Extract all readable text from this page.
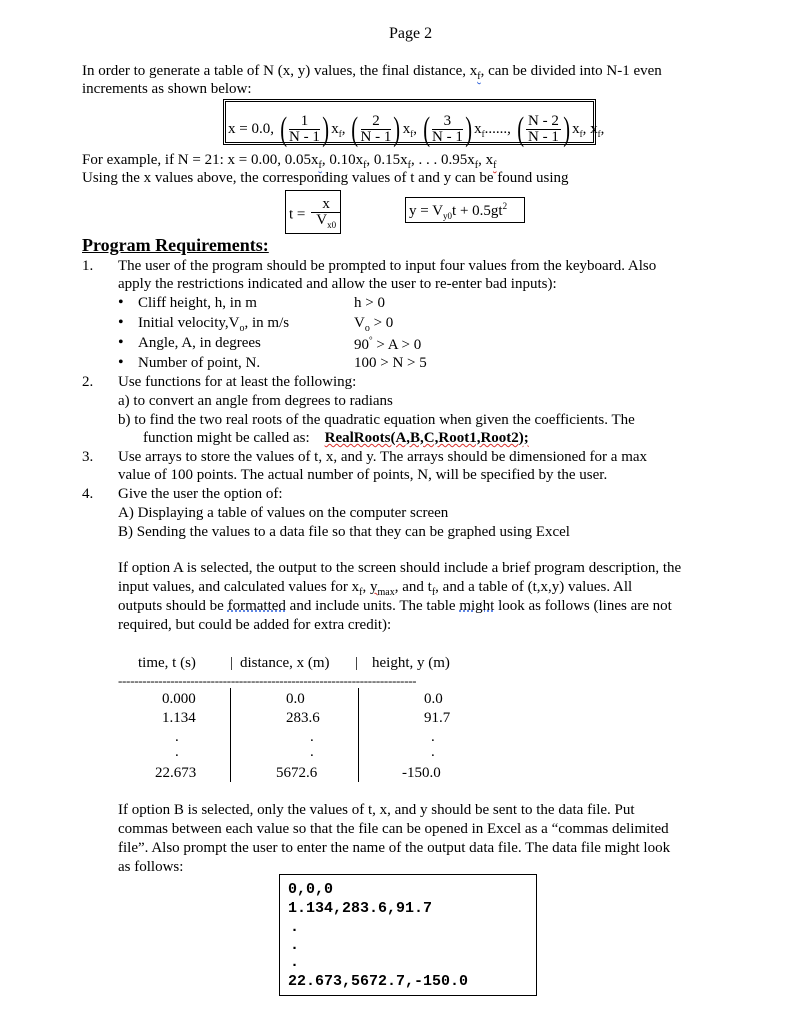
Page 2
In order to generate a table of N (x, y) values, the final distance, $x_f$, can be divided into N-1 even
increments as shown below:
x = 0.0, ( $\frac{1}{N - 1}$ ) $x_f$, ( $\frac{2}{N - 1}$ ) $x_f$, ( $\frac{3}{N - 1}$ ) $x_f$......, ( $\frac{N - 2}{N - 1}$ ) $x_f$, $x_f$,
For example, if N = 21: x = 0.00, $0.05x_f$, $0.10x_f$, $0.15x_f$, . . . $0.95x_f$, $x_f$
Using the x values above, the corresponding values of t and y can be found using
$t = \frac{x}{V_{x0}}$	$y = V_{y0}t + 0.5gt^2$
Program Requirements:
1. The user of the program should be prompted to input four values from the keyboard. Also
apply the restrictions indicated and allow the user to re-enter bad inputs):
• Cliff height, h, in m	h > 0
• Initial $velocity,V_o$, in m/s	$V_o > 0$
• Angle, A, in degrees	90° > A > 0
• Number of point, N.	100 > N > 5
2. Use functions for at least the following:
a) to convert an angle from degrees to radians
b) to find the two real roots of the quadratic equation when given the coefficients. The
function might be called as: RealRoots(A,B,C,Root1,Root2);
3. Use arrays to store the values of t, x, and y. The arrays should be dimensioned for a max
value of 100 points. The actual number of points, N, will be specified by the user.
4. Give the user the option of:
A) Displaying a table of values on the computer screen
B) Sending the values to a data file so that they can be graphed using Excel
If option A is selected, the output to the screen should include a brief program description, the
input values, and calculated values for $x_f$, $y_{max}$, and $t_f$, and a table of (t,x,y) values. All
outputs should be formatted and include units. The table might look as follows (lines are not
required, but could be added for extra credit):
time, t (s) | distance, x (m) | height, y (m)
--------------------------------------------------------------------------
0.000	0.0	0.0
1.134	283.6	91.7
.	.	.
.	.	.
22.673	5672.6	-150.0
If option B is selected, only the values of t, x, and y should be sent to the data file. Put
commas between each value so that the file can be opened in Excel as a “commas delimited
file”. Also prompt the user to enter the name of the output data file. The data file might look
as follows:
0,0,0
1.134,283.6,91.7
.
.
.
22.673,5672.7,-150.0
